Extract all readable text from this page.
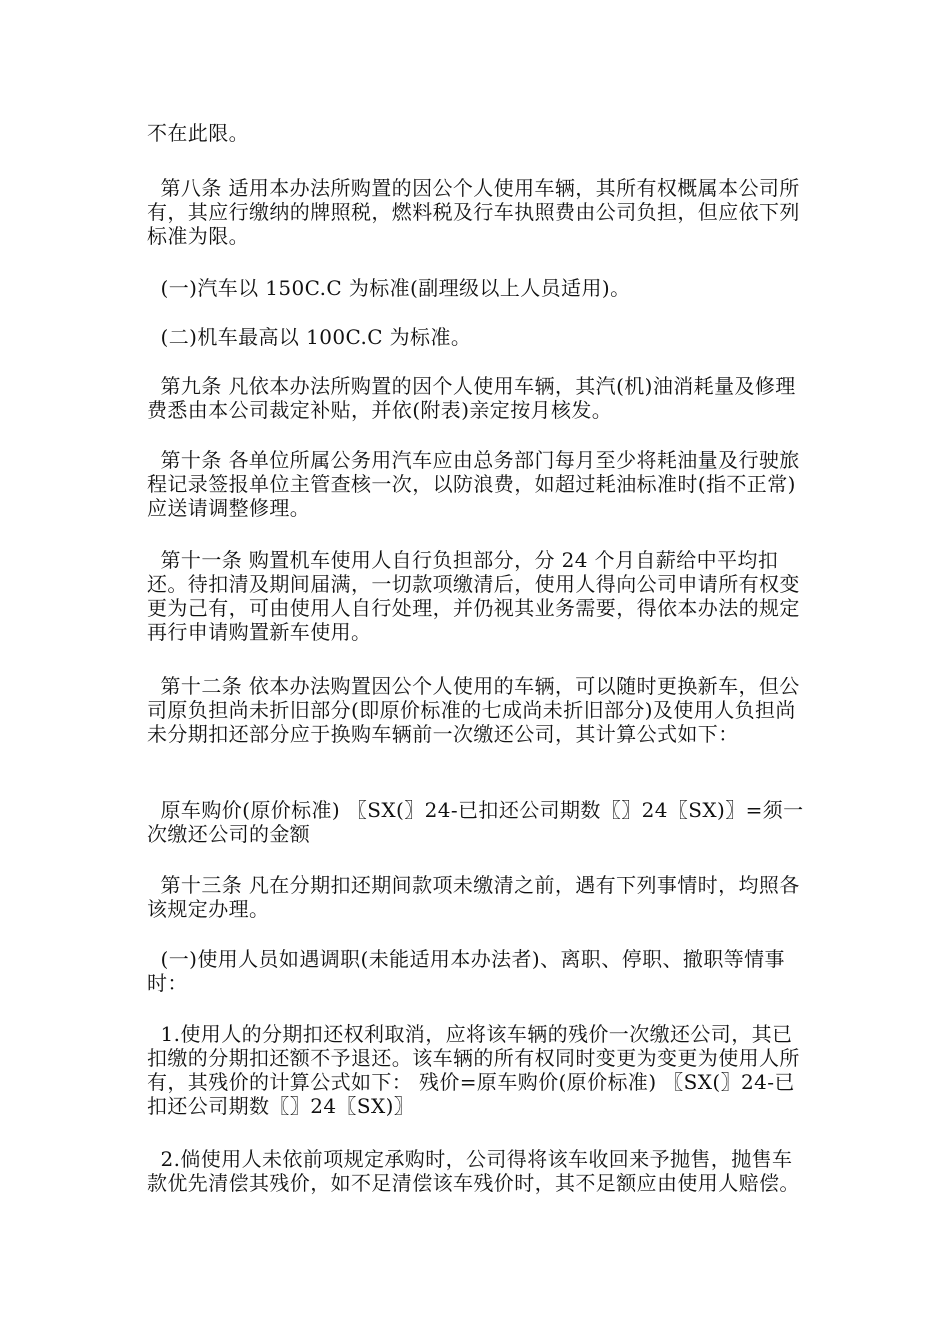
不在此限。

第八条 适用本办法所购置的因公个人使用车辆，其所有权概属本公司所有，其应行缴纳的牌照税，燃料税及行车执照费由公司负担，但应依下列标准为限。

(一)汽车以 150C.C 为标准(副理级以上人员适用)。

(二)机车最高以 100C.C 为标准。

第九条 凡依本办法所购置的因个人使用车辆，其汽(机)油消耗量及修理费悉由本公司裁定补贴，并依(附表)亲定按月核发。

第十条 各单位所属公务用汽车应由总务部门每月至少将耗油量及行驶旅程记录签报单位主管查核一次，以防浪费，如超过耗油标准时(指不正常)应送请调整修理。

第十一条 购置机车使用人自行负担部分，分 24 个月自薪给中平均扣还。待扣清及期间届满，一切款项缴清后，使用人得向公司申请所有权变更为己有，可由使用人自行处理，并仍视其业务需要，得依本办法的规定再行申请购置新车使用。

第十二条 依本办法购置因公个人使用的车辆，可以随时更换新车，但公司原负担尚未折旧部分(即原价标准的七成尚未折旧部分)及使用人负担尚未分期扣还部分应于换购车辆前一次缴还公司，其计算公式如下：

原车购价(原价标准) 〖SX(〗24-已扣还公司期数〖〗24〖SX)〗=须一次缴还公司的金额

第十三条 凡在分期扣还期间款项未缴清之前，遇有下列事情时，均照各该规定办理。

(一)使用人员如遇调职(未能适用本办法者)、离职、停职、撤职等情事时：

1.使用人的分期扣还权利取消，应将该车辆的残价一次缴还公司，其已扣缴的分期扣还额不予退还。该车辆的所有权同时变更为变更为使用人所有，其残价的计算公式如下： 残价=原车购价(原价标准) 〖SX(〗24-已扣还公司期数〖〗24〖SX)〗

2.倘使用人未依前项规定承购时，公司得将该车收回来予抛售，抛售车款优先清偿其残价，如不足清偿该车残价时，其不足额应由使用人赔偿。
